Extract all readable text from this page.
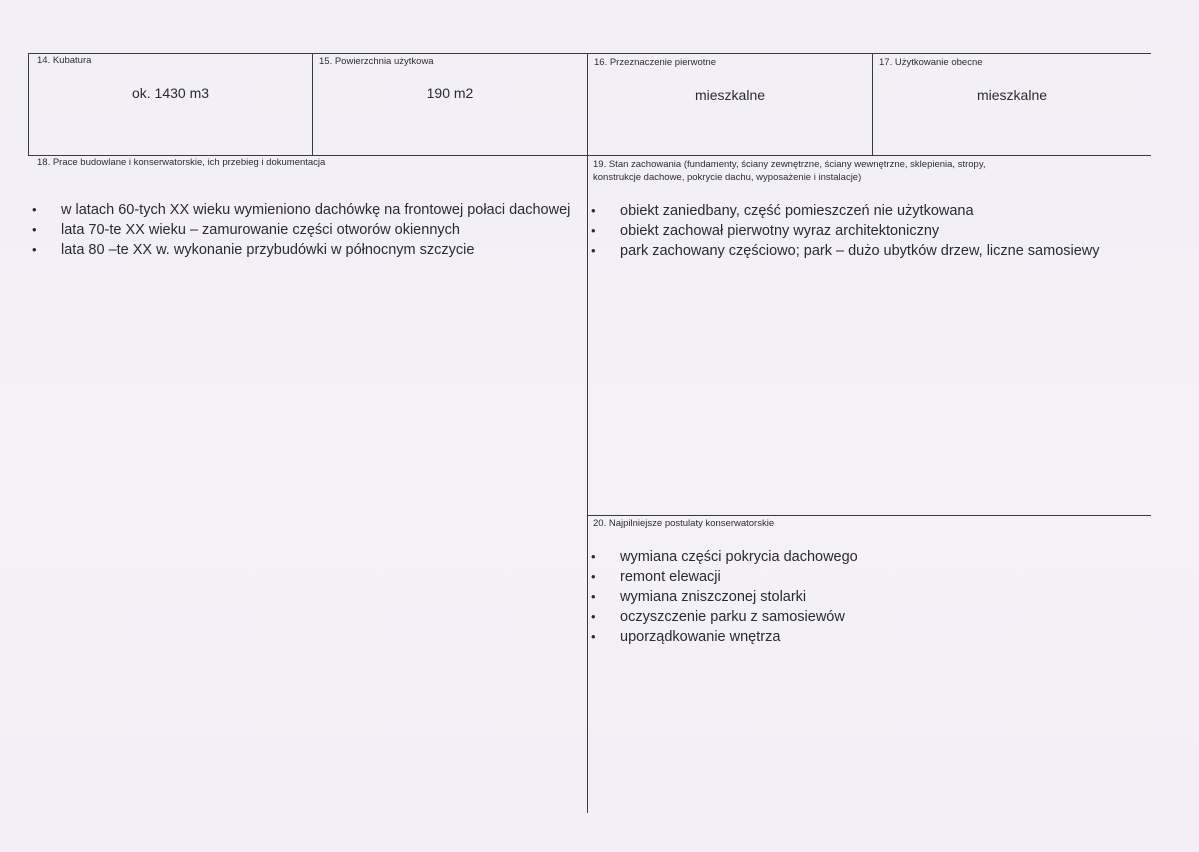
14. Kubatura
ok. 1430 m3
15. Powierzchnia użytkowa
190 m2
16. Przeznaczenie pierwotne
mieszkalne
17. Użytkowanie obecne
mieszkalne
18. Prace budowlane i konserwatorskie, ich przebieg i dokumentacja
• w latach 60-tych XX wieku wymieniono dachówkę na frontowej połaci dachowej
• lata 70-te XX wieku – zamurowanie części otworów okiennych
• lata 80 –te XX w. wykonanie przybudówki w północnym szczycie
19. Stan zachowania (fundamenty, ściany zewnętrzne, ściany wewnętrzne, sklepienia, stropy,
konstrukcje dachowe, pokrycie dachu, wyposażenie i instalacje)
• obiekt zaniedbany, część pomieszczeń nie użytkowana
• obiekt zachował pierwotny wyraz architektoniczny
• park zachowany częściowo; park – dużo ubytków drzew, liczne samosiewy
20. Najpilniejsze postulaty konserwatorskie
• wymiana części pokrycia dachowego
• remont elewacji
• wymiana zniszczonej stolarki
• oczyszczenie parku z samosiewów
• uporządkowanie wnętrza
